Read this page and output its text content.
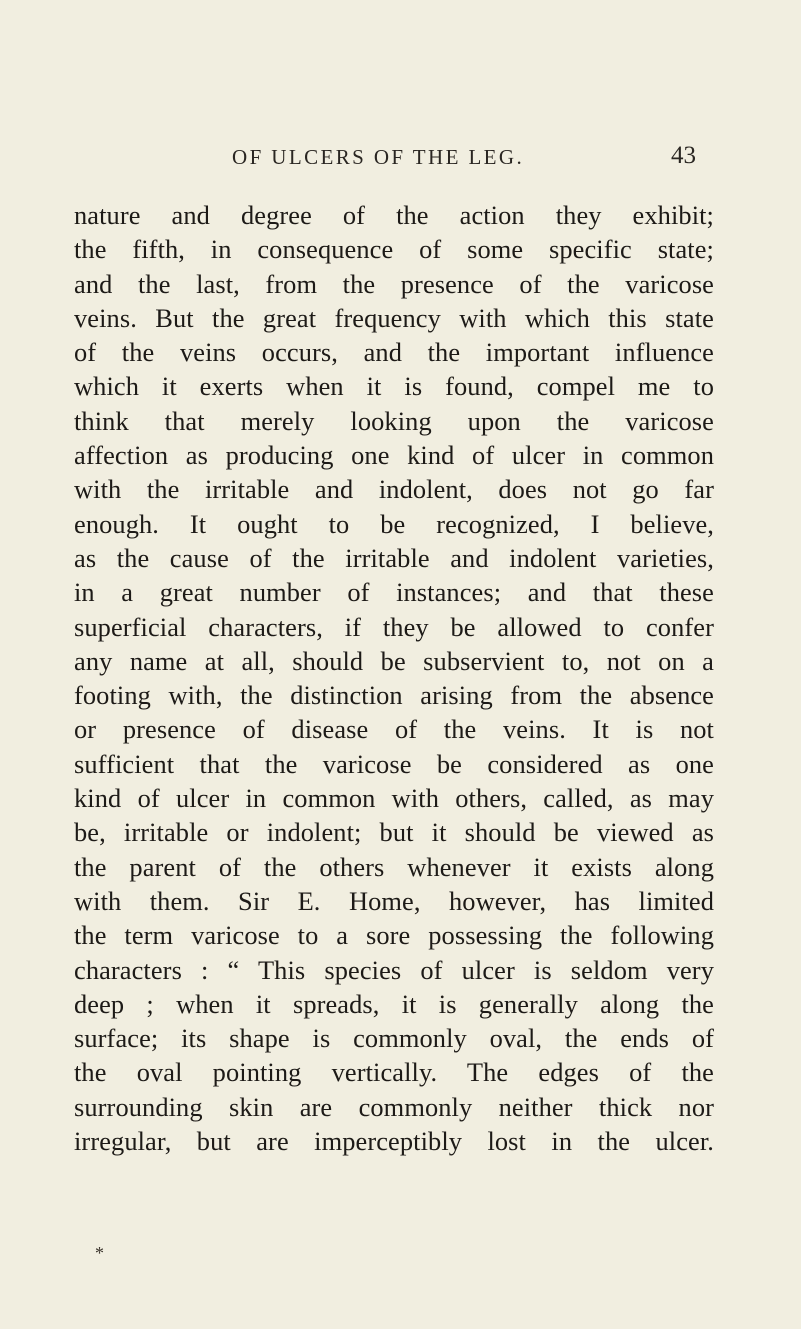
OF ULCERS OF THE LEG.	43
nature and degree of the action they exhibit;
the fifth, in consequence of some specific state;
and the last, from the presence of the varicose
veins. But the great frequency with which this state
of the veins occurs, and the important influence
which it exerts when it is found, compel me to
think that merely looking upon the varicose
affection as producing one kind of ulcer in common
with the irritable and indolent, does not go far
enough. It ought to be recognized, I believe,
as the cause of the irritable and indolent varieties,
in a great number of instances; and that these
superficial characters, if they be allowed to confer
any name at all, should be subservient to, not on a
footing with, the distinction arising from the absence
or presence of disease of the veins. It is not
sufficient that the varicose be considered as one
kind of ulcer in common with others, called, as may
be, irritable or indolent; but it should be viewed as
the parent of the others whenever it exists along
with them. Sir E. Home, however, has limited
the term varicose to a sore possessing the following
characters : “ This species of ulcer is seldom very
deep ; when it spreads, it is generally along the
surface; its shape is commonly oval, the ends of
the oval pointing vertically. The edges of the
surrounding skin are commonly neither thick nor
irregular, but are imperceptibly lost in the ulcer.
*
